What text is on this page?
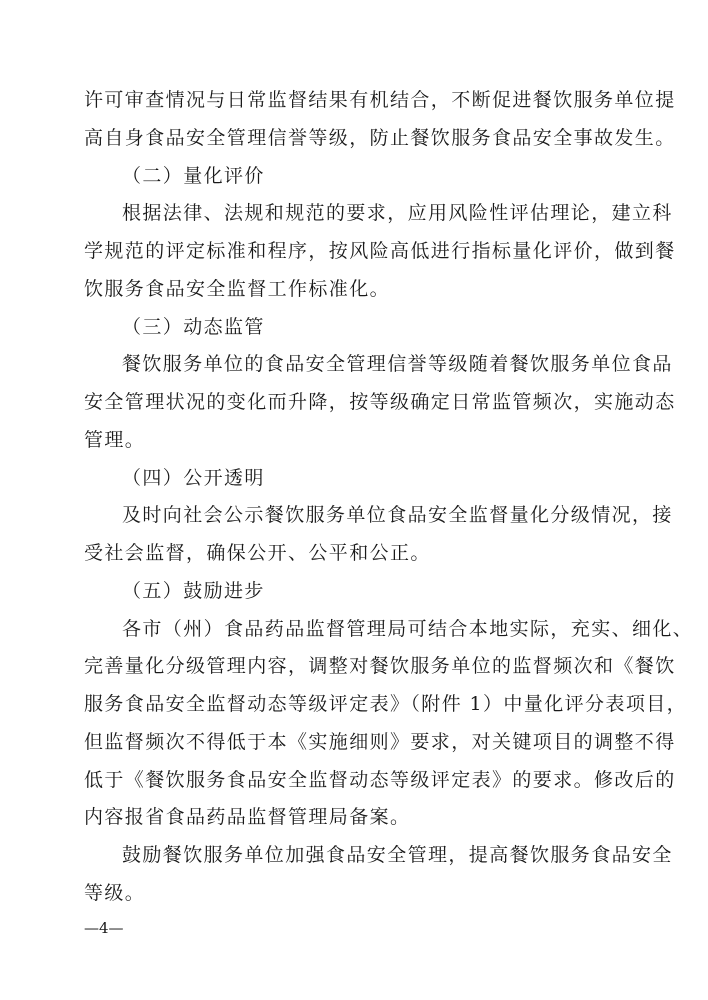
许可审查情况与日常监督结果有机结合，不断促进餐饮服务单位提
高自身食品安全管理信誉等级，防止餐饮服务食品安全事故发生。
（二）量化评价
根据法律、法规和规范的要求，应用风险性评估理论，建立科
学规范的评定标准和程序，按风险高低进行指标量化评价，做到餐
饮服务食品安全监督工作标准化。
（三）动态监管
餐饮服务单位的食品安全管理信誉等级随着餐饮服务单位食品
安全管理状况的变化而升降，按等级确定日常监管频次，实施动态
管理。
（四）公开透明
及时向社会公示餐饮服务单位食品安全监督量化分级情况，接
受社会监督，确保公开、公平和公正。
（五）鼓励进步
各市（州）食品药品监督管理局可结合本地实际，充实、细化、
完善量化分级管理内容，调整对餐饮服务单位的监督频次和《餐饮
服务食品安全监督动态等级评定表》（附件 1）中量化评分表项目，
但监督频次不得低于本《实施细则》要求，对关键项目的调整不得
低于《餐饮服务食品安全监督动态等级评定表》的要求。修改后的
内容报省食品药品监督管理局备案。
鼓励餐饮服务单位加强食品安全管理，提高餐饮服务食品安全
等级。
—4—
